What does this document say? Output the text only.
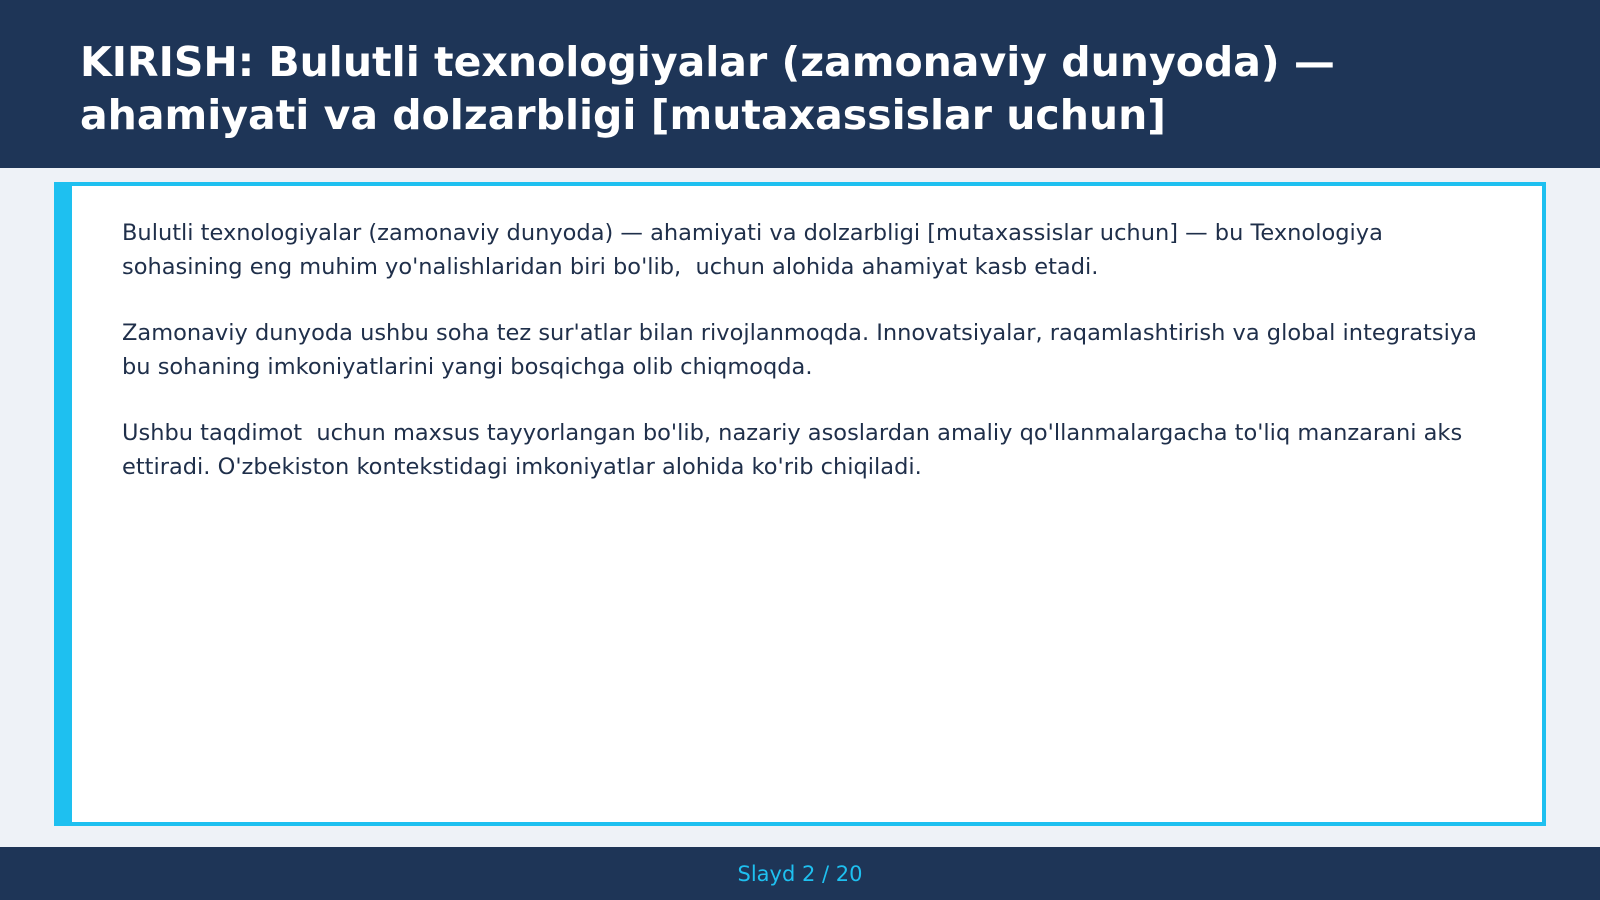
KIRISH: Bulutli texnologiyalar (zamonaviy dunyoda) — ahamiyati va dolzarbligi [mutaxassislar uchun]

Bulutli texnologiyalar (zamonaviy dunyoda) — ahamiyati va dolzarbligi [mutaxassislar uchun] — bu Texnologiya sohasining eng muhim yo'nalishlaridan biri bo'lib,  uchun alohida ahamiyat kasb etadi.

Zamonaviy dunyoda ushbu soha tez sur'atlar bilan rivojlanmoqda. Innovatsiyalar, raqamlashtirish va global integratsiya bu sohaning imkoniyatlarini yangi bosqichga olib chiqmoqda.

Ushbu taqdimot  uchun maxsus tayyorlangan bo'lib, nazariy asoslardan amaliy qo'llanmalargacha to'liq manzarani aks ettiradi. O'zbekiston kontekstidagi imkoniyatlar alohida ko'rib chiqiladi.

Slayd 2 / 20
